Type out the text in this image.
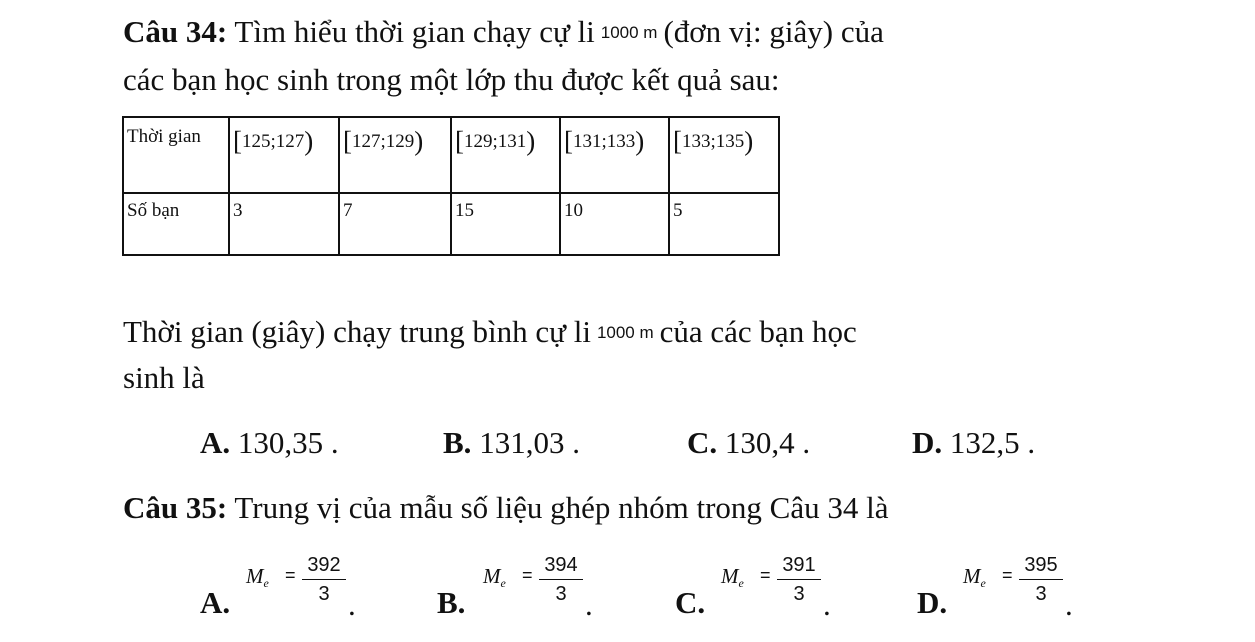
Câu 34: Tìm hiểu thời gian chạy cự li 1000 m (đơn vị: giây) của
các bạn học sinh trong một lớp thu được kết quả sau:
Thời gian	[125;127)	[127;129)	[129;131)	[131;133)	[133;135)
Số bạn	3	7	15	10	5
Thời gian (giây) chạy trung bình cự li 1000 m của các bạn học
sinh là
A. 130,35 .	B. 131,03 .	C. 130,4 .	D. 132,5 .
Câu 35: Trung vị của mẫu số liệu ghép nhóm trong Câu 34 là
A.
$M_e = 392$
3 .	B.
$M_e = 394$
3 .	C.
$M_e = 391$
3 .	D.
$M_e = 395$
3 .
